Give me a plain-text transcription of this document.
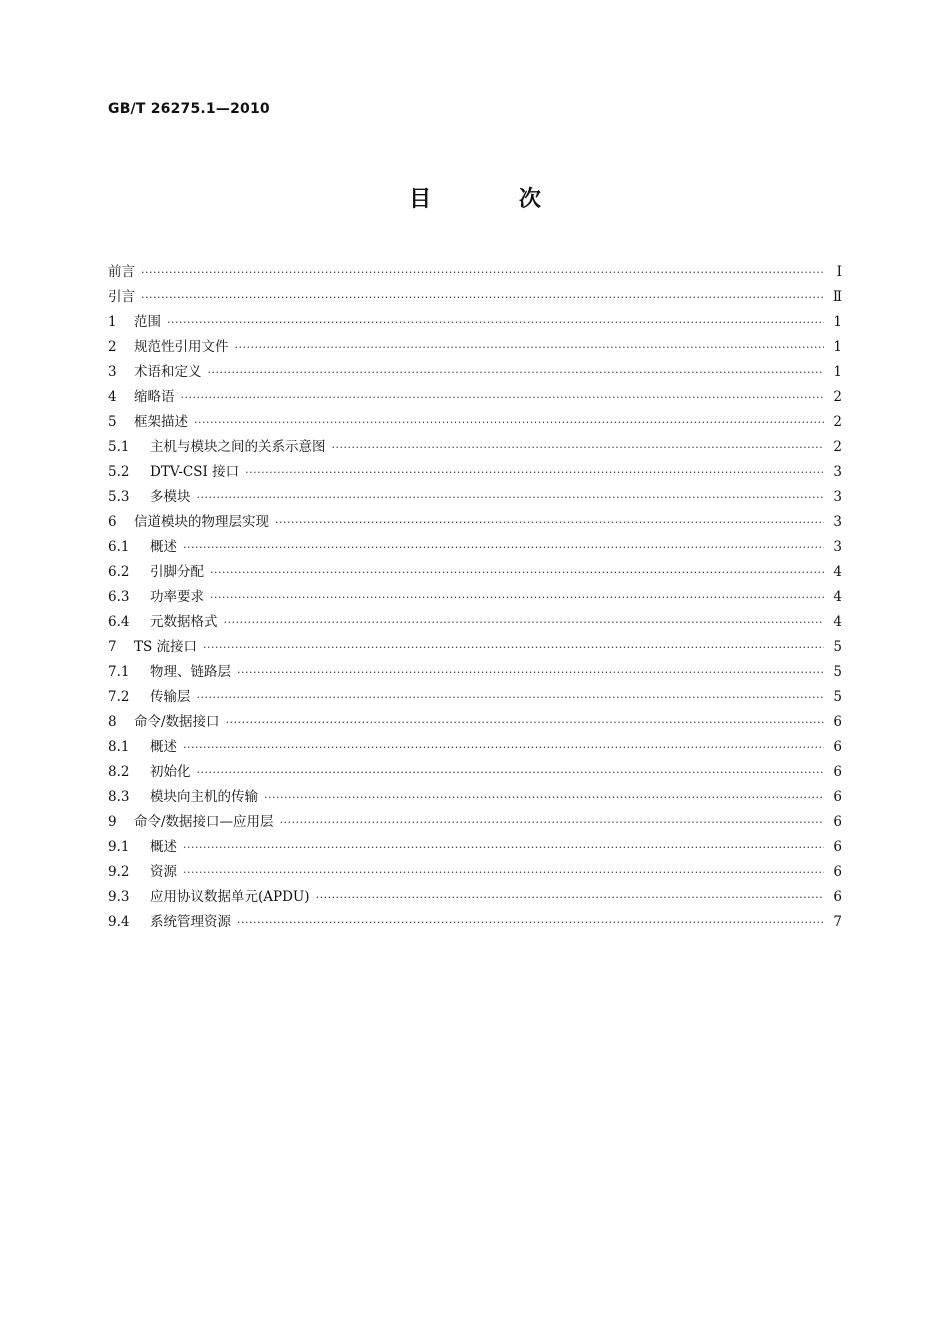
GB/T 26275.1—2010
目 次
前言 ·····	Ⅰ
引言 ·····	Ⅱ
1	范围 ·····	1
2	规范性引用文件 ·····	1
3	术语和定义 ·····	1
4	缩略语 ·····	2
5	框架描述 ·····	2
5.1	主机与模块之间的关系示意图 ·····	2
5.2	DTV-CSI 接口 ·····	3
5.3	多模块 ·····	3
6	信道模块的物理层实现 ·····	3
6.1	概述 ·····	3
6.2	引脚分配 ·····	4
6.3	功率要求 ·····	4
6.4	元数据格式 ·····	4
7	TS 流接口 ·····	5
7.1	物理、链路层 ·····	5
7.2	传输层 ·····	5
8	命令/数据接口 ·····	6
8.1	概述 ·····	6
8.2	初始化 ·····	6
8.3	模块向主机的传输 ·····	6
9	命令/数据接口—应用层 ·····	6
9.1	概述 ·····	6
9.2	资源 ·····	6
9.3	应用协议数据单元(APDU) ·····	6
9.4	系统管理资源 ·····	7
